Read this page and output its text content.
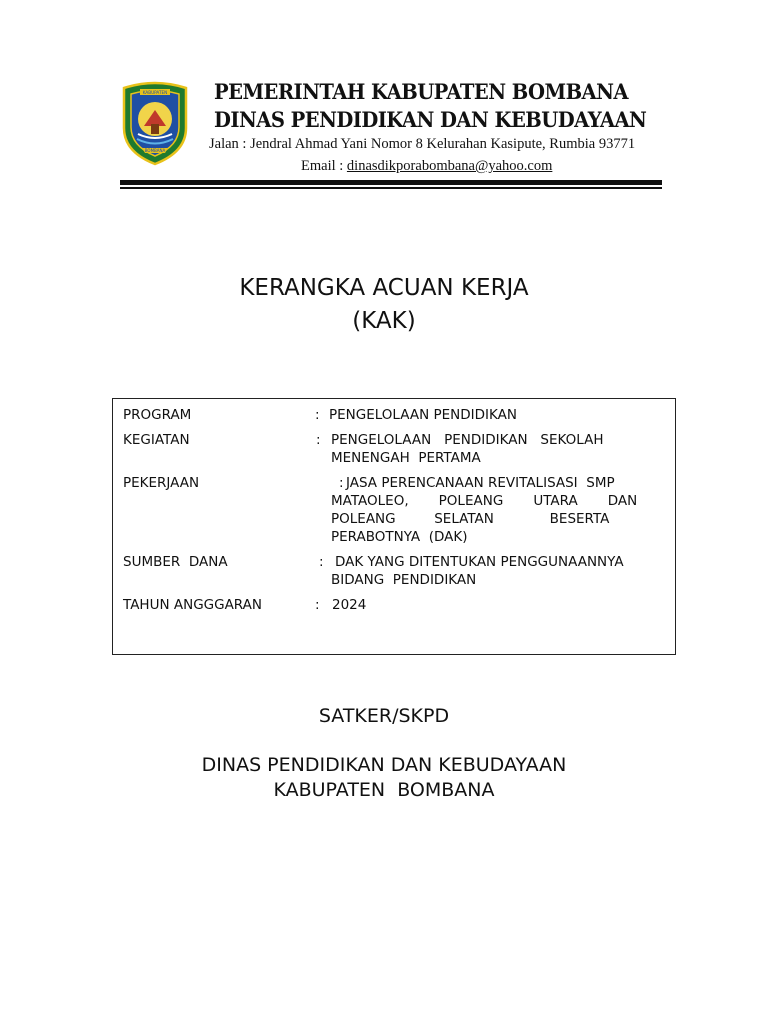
KABUPATEN
BOMBANA
PEMERINTAH KABUPATEN BOMBANA
DINAS PENDIDIKAN DAN KEBUDAYAAN
Jalan : Jendral Ahmad Yani Nomor 8 Kelurahan Kasipute, Rumbia 93771
Email : dinasdikporabombana@yahoo.com
KERANGKA ACUAN KERJA
(KAK)
PROGRAM	: PENGELOLAAN PENDIDIKAN
KEGIATAN	: PENGELOLAAN   PENDIDIKAN   SEKOLAH
MENENGAH  PERTAMA
PEKERJAAN	: JASA PERENCANAAN REVITALISASI  SMP
MATAOLEO,       POLEANG       UTARA       DAN
POLEANG         SELATAN             BESERTA
PERABOTNYA  (DAK)
SUMBER  DANA	: DAK YANG DITENTUKAN PENGGUNAANNYA
BIDANG  PENDIDIKAN
TAHUN ANGGGARAN	: 2024
SATKER/SKPD
DINAS PENDIDIKAN DAN KEBUDAYAAN
KABUPATEN  BOMBANA
